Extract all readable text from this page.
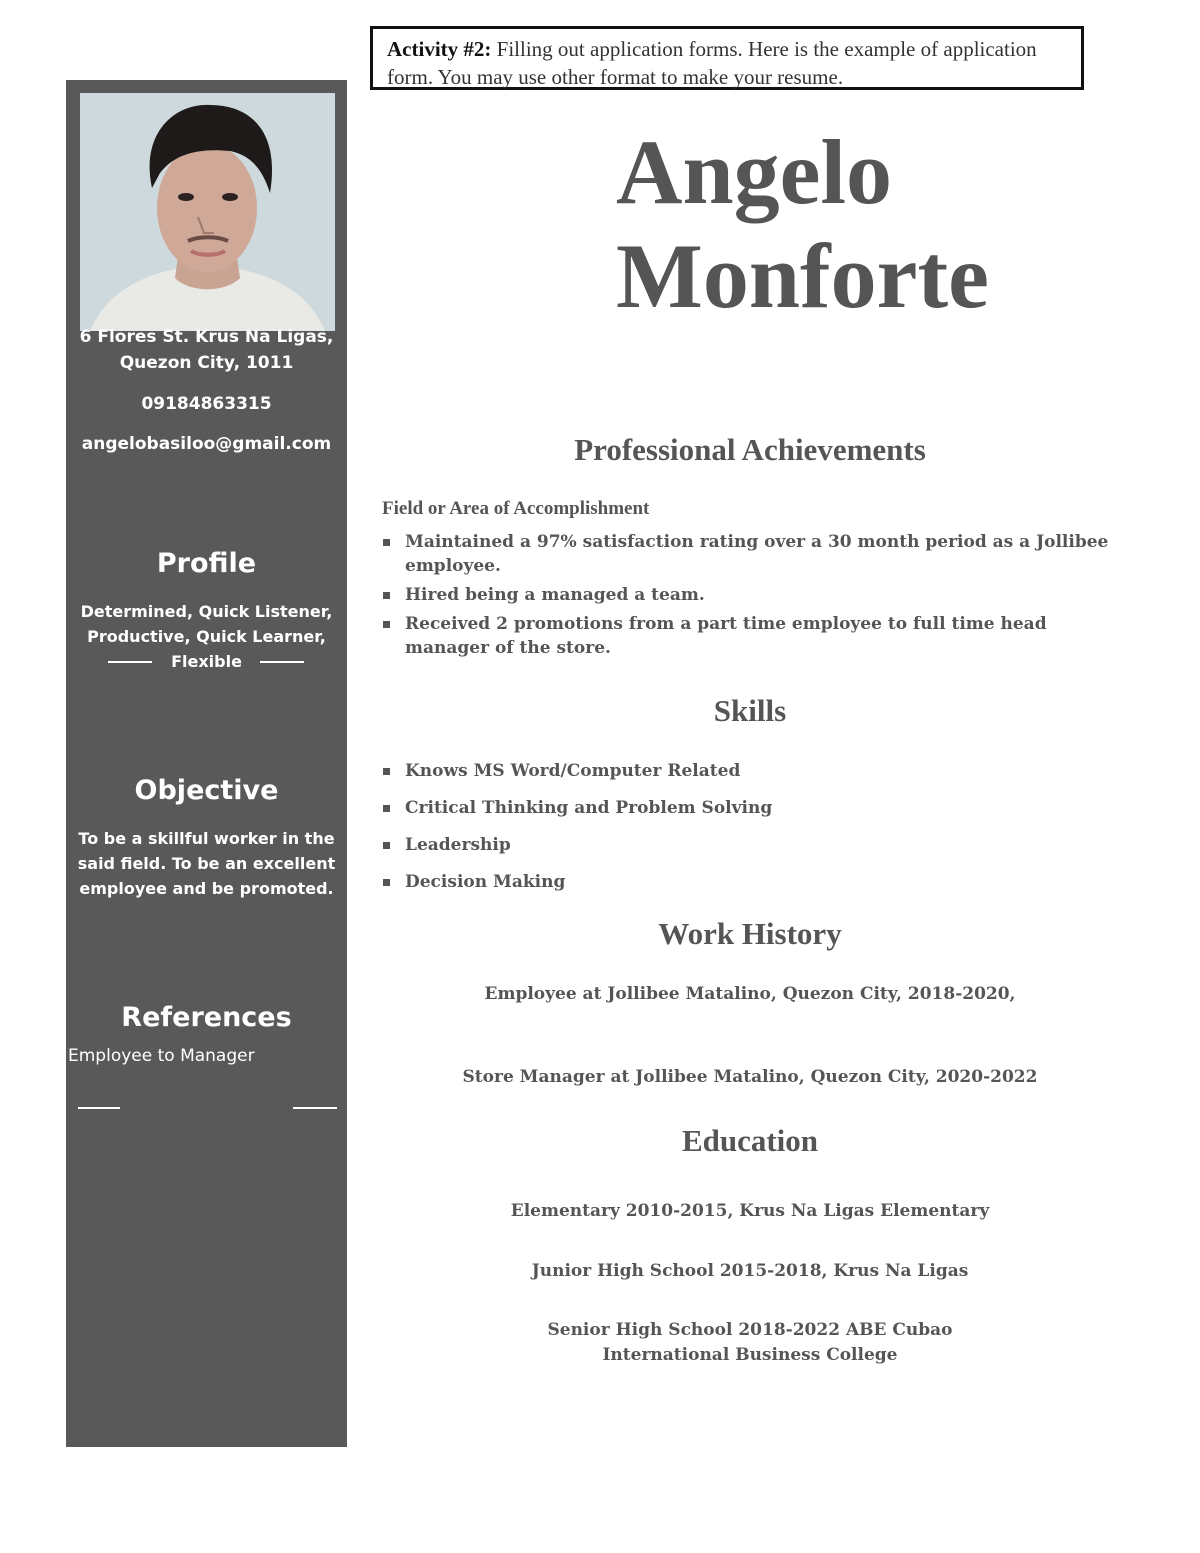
Activity #2: Filling out application forms. Here is the example of application form. You may use other format to make your resume.
6 Flores St. Krus Na Ligas,
Quezon City, 1011
09184863315
angelobasiloo@gmail.com
Profile
Determined, Quick Listener,
Productive, Quick Learner,
Flexible
Objective
To be a skillful worker in the said field. To be an excellent employee and be promoted.
References
Employee to Manager
Angelo
Monforte
Professional Achievements
Field or Area of Accomplishment
Maintained a 97% satisfaction rating over a 30 month period as a Jollibee employee.
Hired being a managed a team.
Received 2 promotions from a part time employee to full time head manager of the store.
Skills
Knows MS Word/Computer Related
Critical Thinking and Problem Solving
Leadership
Decision Making
Work History
Employee at Jollibee Matalino, Quezon City, 2018-2020,
Store Manager at Jollibee Matalino, Quezon City, 2020-2022
Education
Elementary 2010-2015, Krus Na Ligas Elementary
Junior High School 2015-2018, Krus Na Ligas
Senior High School 2018-2022 ABE Cubao
International Business College
